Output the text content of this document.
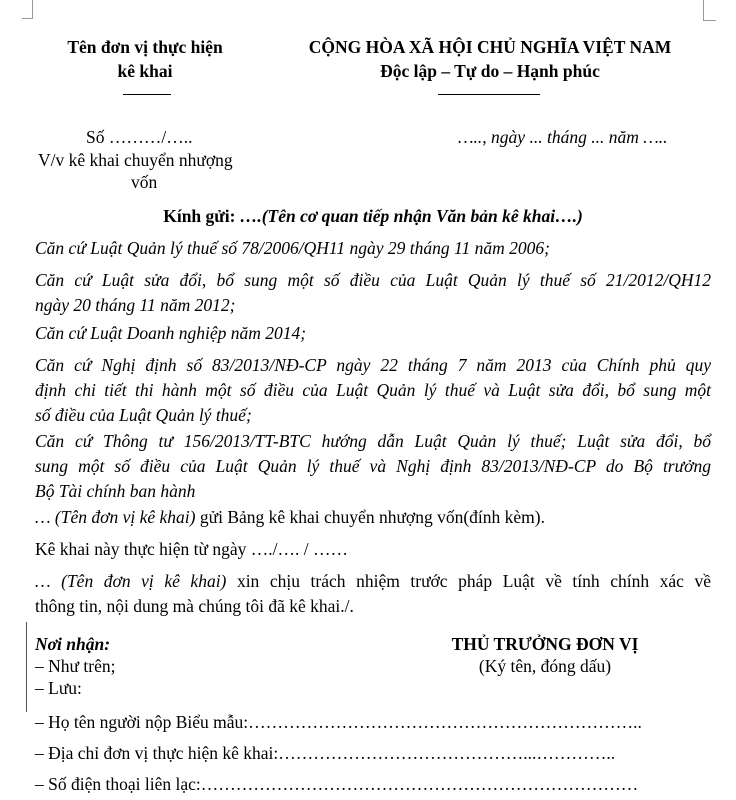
Tên đơn vị thực hiện
kê khai
CỘNG HÒA XÃ HỘI CHỦ NGHĨA VIỆT NAM
Độc lập – Tự do – Hạnh phúc
Số ………/…..
V/v kê khai chuyển nhượng
vốn
….., ngày ... tháng ... năm …..
Kính gửi: ….(Tên cơ quan tiếp nhận Văn bản kê khai….)
Căn cứ Luật Quản lý thuế số 78/2006/QH11 ngày 29 tháng 11 năm 2006;
Căn cứ Luật sửa đổi, bổ sung một số điều của Luật Quản lý thuế số 21/2012/QH12
ngày 20 tháng 11 năm 2012;
Căn cứ Luật Doanh nghiệp năm 2014;
Căn cứ Nghị định số 83/2013/NĐ-CP ngày 22 tháng 7 năm 2013 của Chính phủ quy
định chi tiết thi hành một số điều của Luật Quản lý thuế và Luật sửa đổi, bổ sung một
số điều của Luật Quản lý thuế;
Căn cứ Thông tư 156/2013/TT-BTC hướng dẫn Luật Quản lý thuế; Luật sửa đổi, bổ
sung một số điều của Luật Quản lý thuế và Nghị định 83/2013/NĐ-CP do Bộ trưởng
Bộ Tài chính ban hành
… (Tên đơn vị kê khai) gửi Bảng kê khai chuyển nhượng vốn(đính kèm).
Kê khai này thực hiện từ ngày …./…. / ……
… (Tên đơn vị kê khai) xin chịu trách nhiệm trước pháp Luật về tính chính xác về
thông tin, nội dung mà chúng tôi đã kê khai./.
Nơi nhận:
– Như trên;
– Lưu:
THỦ TRƯỞNG ĐƠN VỊ
(Ký tên, đóng dấu)
– Họ tên người nộp Biểu mẫu:…………………………………………………………..
– Địa chỉ đơn vị thực hiện kê khai:……………………………………...…………..
– Số điện thoại liên lạc:…………………………………………………………………
